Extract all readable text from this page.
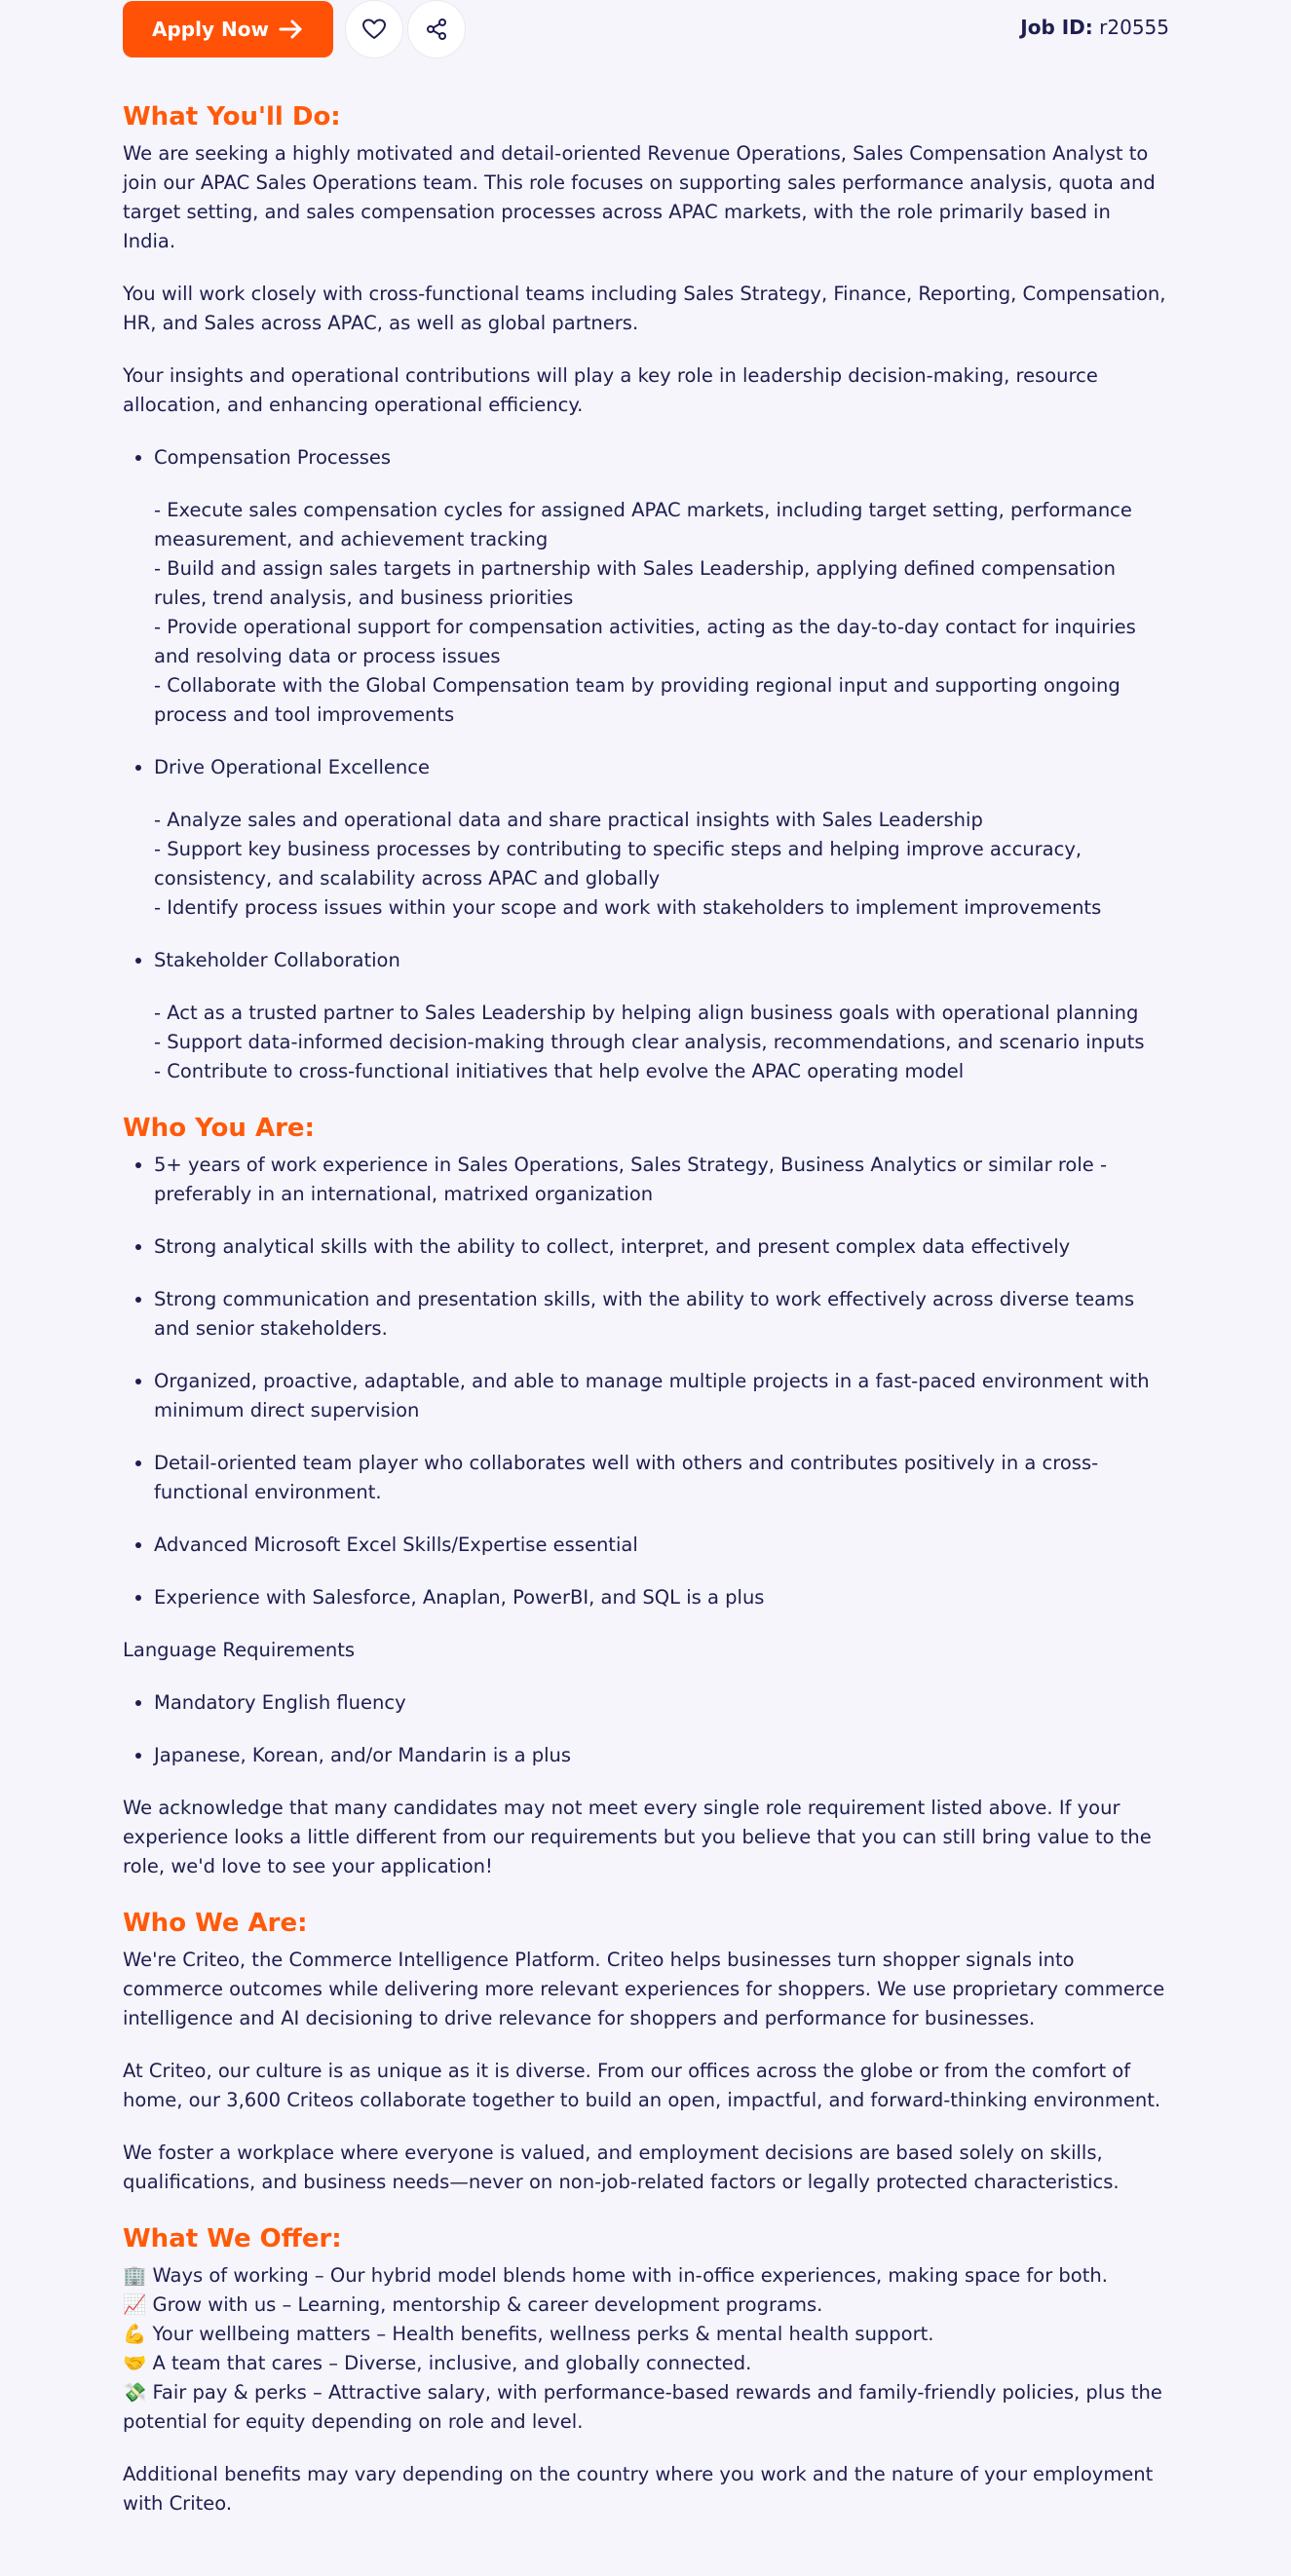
Apply Now	Job ID: r20555
What You'll Do:

We are seeking a highly motivated and detail-oriented Revenue Operations, Sales Compensation Analyst to join our APAC Sales Operations team. This role focuses on supporting sales performance analysis, quota and target setting, and sales compensation processes across APAC markets, with the role primarily based in India.

You will work closely with cross-functional teams including Sales Strategy, Finance, Reporting, Compensation, HR, and Sales across APAC, as well as global partners.

Your insights and operational contributions will play a key role in leadership decision-making, resource allocation, and enhancing operational efficiency.

• Compensation Processes
- Execute sales compensation cycles for assigned APAC markets, including target setting, performance measurement, and achievement tracking
- Build and assign sales targets in partnership with Sales Leadership, applying defined compensation rules, trend analysis, and business priorities
- Provide operational support for compensation activities, acting as the day-to-day contact for inquiries and resolving data or process issues
- Collaborate with the Global Compensation team by providing regional input and supporting ongoing process and tool improvements
• Drive Operational Excellence
- Analyze sales and operational data and share practical insights with Sales Leadership
- Support key business processes by contributing to specific steps and helping improve accuracy, consistency, and scalability across APAC and globally
- Identify process issues within your scope and work with stakeholders to implement improvements
• Stakeholder Collaboration
- Act as a trusted partner to Sales Leadership by helping align business goals with operational planning
- Support data-informed decision-making through clear analysis, recommendations, and scenario inputs
- Contribute to cross-functional initiatives that help evolve the APAC operating model
Who You Are:
• 5+ years of work experience in Sales Operations, Sales Strategy, Business Analytics or similar role - preferably in an international, matrixed organization
• Strong analytical skills with the ability to collect, interpret, and present complex data effectively
• Strong communication and presentation skills, with the ability to work effectively across diverse teams and senior stakeholders.
• Organized, proactive, adaptable, and able to manage multiple projects in a fast-paced environment with minimum direct supervision
• Detail-oriented team player who collaborates well with others and contributes positively in a cross-functional environment.
• Advanced Microsoft Excel Skills/Expertise essential
• Experience with Salesforce, Anaplan, PowerBI, and SQL is a plus

Language Requirements

• Mandatory English fluency
• Japanese, Korean, and/or Mandarin is a plus

We acknowledge that many candidates may not meet every single role requirement listed above. If your experience looks a little different from our requirements but you believe that you can still bring value to the role, we'd love to see your application!

Who We Are:

We're Criteo, the Commerce Intelligence Platform. Criteo helps businesses turn shopper signals into commerce outcomes while delivering more relevant experiences for shoppers. We use proprietary commerce intelligence and AI decisioning to drive relevance for shoppers and performance for businesses.

At Criteo, our culture is as unique as it is diverse. From our offices across the globe or from the comfort of home, our 3,600 Criteos collaborate together to build an open, impactful, and forward-thinking environment.

We foster a workplace where everyone is valued, and employment decisions are based solely on skills, qualifications, and business needs—never on non-job-related factors or legally protected characteristics.

What We Offer:

🏢 Ways of working – Our hybrid model blends home with in-office experiences, making space for both.
📈 Grow with us – Learning, mentorship & career development programs.
💪 Your wellbeing matters – Health benefits, wellness perks & mental health support.
🤝 A team that cares – Diverse, inclusive, and globally connected.
💸 Fair pay & perks – Attractive salary, with performance-based rewards and family-friendly policies, plus the potential for equity depending on role and level.

Additional benefits may vary depending on the country where you work and the nature of your employment with Criteo.
